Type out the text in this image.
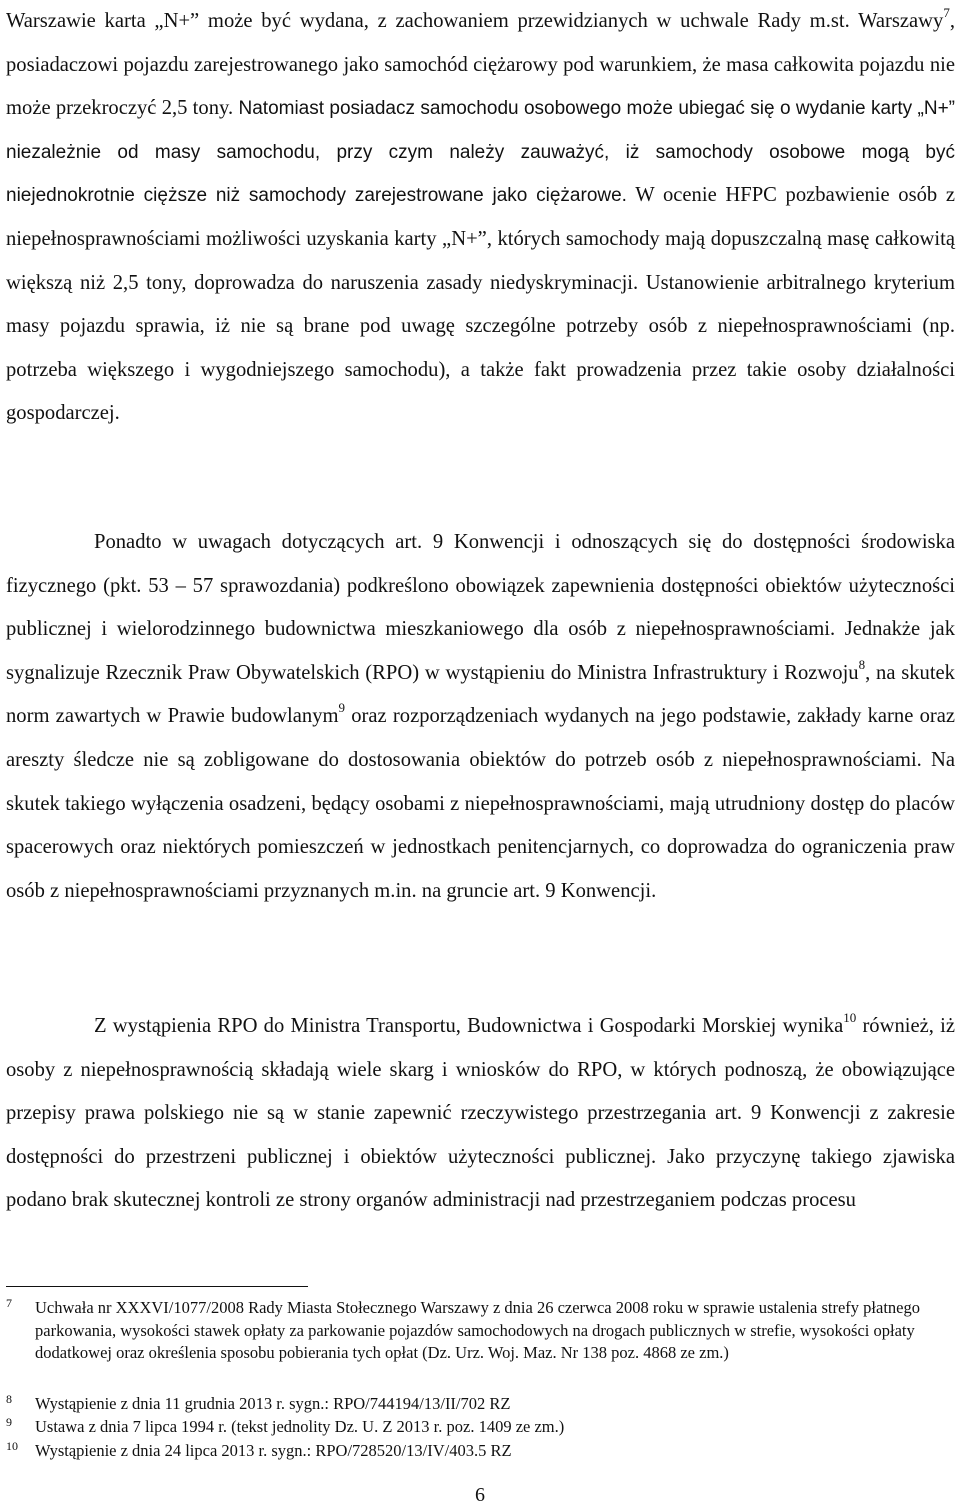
Warszawie karta „N+” może być wydana, z zachowaniem przewidzianych w uchwale Rady m.st. Warszawy$^7$, posiadaczowi pojazdu zarejestrowanego jako samochód ciężarowy pod warunkiem, że masa całkowita pojazdu nie może przekroczyć 2,5 tony. Natomiast posiadacz samochodu osobowego może ubiegać się o wydanie karty „N+” niezależnie od masy samochodu, przy czym należy zauważyć, iż samochody osobowe mogą być niejednokrotnie cięższe niż samochody zarejestrowane jako ciężarowe. W ocenie HFPC pozbawienie osób z niepełnosprawnościami możliwości uzyskania karty „N+”, których samochody mają dopuszczalną masę całkowitą większą niż 2,5 tony, doprowadza do naruszenia zasady niedyskryminacji. Ustanowienie arbitralnego kryterium masy pojazdu sprawia, iż nie są brane pod uwagę szczególne potrzeby osób z niepełnosprawnościami (np. potrzeba większego i wygodniejszego samochodu), a także fakt prowadzenia przez takie osoby działalności gospodarczej.

Ponadto w uwagach dotyczących art. 9 Konwencji i odnoszących się do dostępności środowiska fizycznego (pkt. 53 – 57 sprawozdania) podkreślono obowiązek zapewnienia dostępności obiektów użyteczności publicznej i wielorodzinnego budownictwa mieszkaniowego dla osób z niepełnosprawnościami. Jednakże jak sygnalizuje Rzecznik Praw Obywatelskich (RPO) w wystąpieniu do Ministra Infrastruktury i Rozwoju$^8$, na skutek norm zawartych w Prawie budowlanym$^9$ oraz rozporządzeniach wydanych na jego podstawie, zakłady karne oraz areszty śledcze nie są zobligowane do dostosowania obiektów do potrzeb osób z niepełnosprawnościami. Na skutek takiego wyłączenia osadzeni, będący osobami z niepełnosprawnościami, mają utrudniony dostęp do placów spacerowych oraz niektórych pomieszczeń w jednostkach penitencjarnych, co doprowadza do ograniczenia praw osób z niepełnosprawnościami przyznanych m.in. na gruncie art. 9 Konwencji.

Z wystąpienia RPO do Ministra Transportu, Budownictwa i Gospodarki Morskiej wynika$^{10}$ również, iż osoby z niepełnosprawnością składają wiele skarg i wniosków do RPO, w których podnoszą, że obowiązujące przepisy prawa polskiego nie są w stanie zapewnić rzeczywistego przestrzegania art. 9 Konwencji z zakresie dostępności do przestrzeni publicznej i obiektów użyteczności publicznej. Jako przyczynę takiego zjawiska podano brak skutecznej kontroli ze strony organów administracji nad przestrzeganiem podczas procesu

7 Uchwała nr XXXVI/1077/2008 Rady Miasta Stołecznego Warszawy z dnia 26 czerwca 2008 roku w sprawie ustalenia strefy płatnego parkowania, wysokości stawek opłaty za parkowanie pojazdów samochodowych na drogach publicznych w strefie, wysokości opłaty dodatkowej oraz określenia sposobu pobierania tych opłat (Dz. Urz. Woj. Maz. Nr 138 poz. 4868 ze zm.)
8 Wystąpienie z dnia 11 grudnia 2013 r. sygn.: RPO/744194/13/II/702 RZ
9 Ustawa z dnia 7 lipca 1994 r. (tekst jednolity Dz. U. Z 2013 r. poz. 1409 ze zm.)
10 Wystąpienie z dnia 24 lipca 2013 r. sygn.: RPO/728520/13/IV/403.5 RZ
6
